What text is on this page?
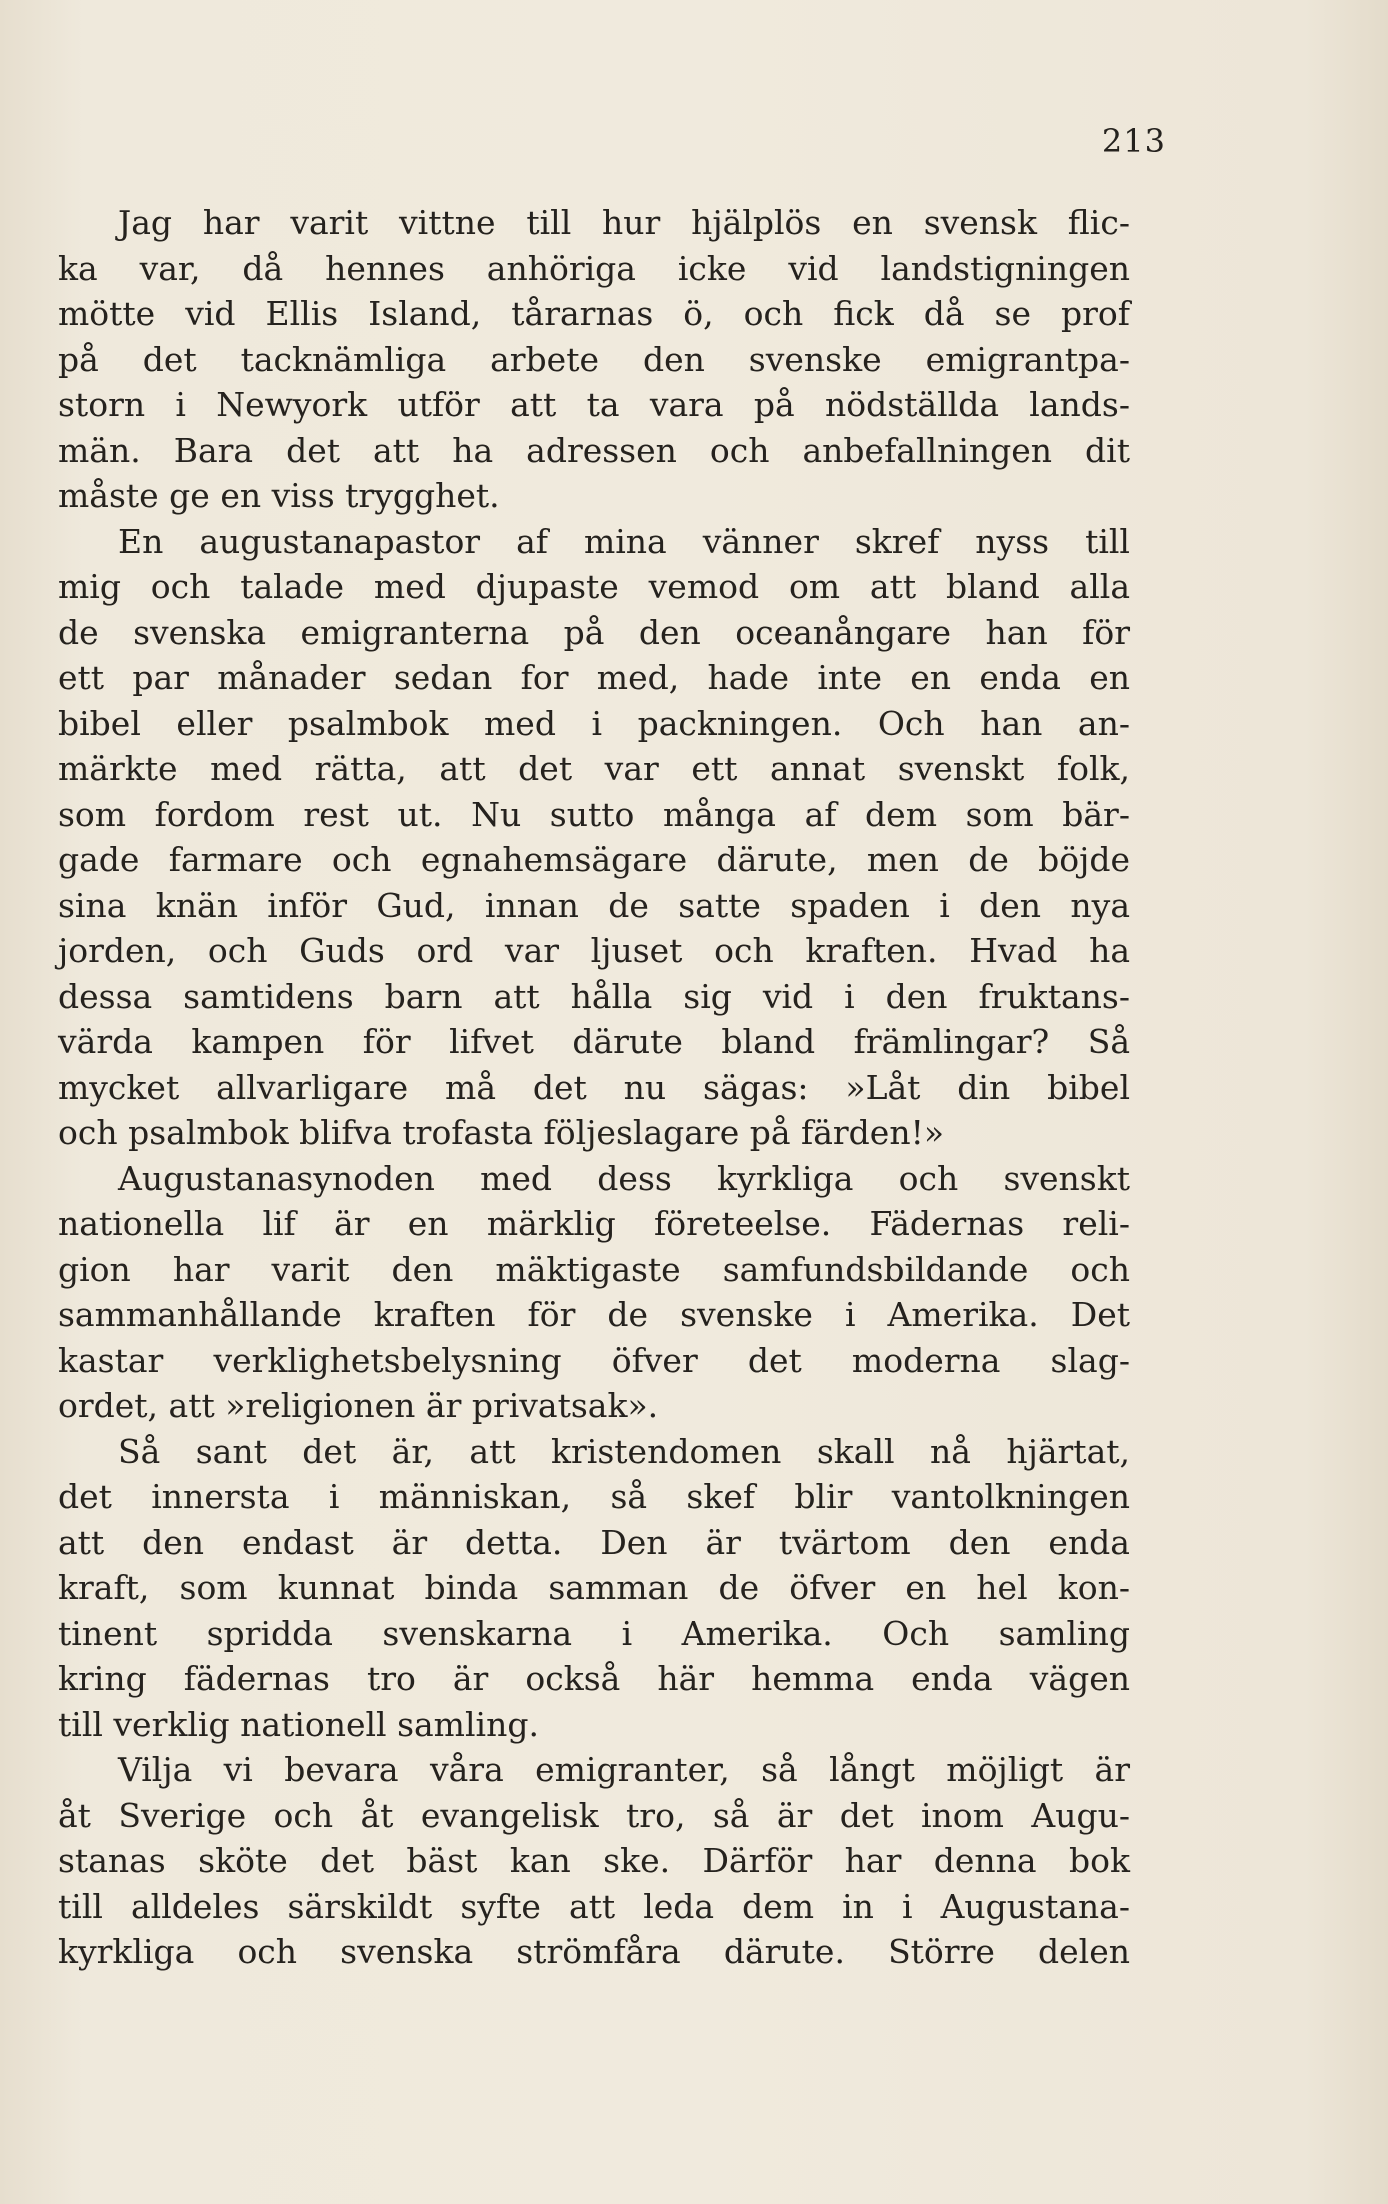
213
Jag har varit vittne till hur hjälplös en svensk flic-
ka var, då hennes anhöriga icke vid landstigningen
mötte vid Ellis Island, tårarnas ö, och fick då se prof
på det tacknämliga arbete den svenske emigrantpa-
storn i Newyork utför att ta vara på nödställda lands-
män. Bara det att ha adressen och anbefallningen dit
måste ge en viss trygghet.
En augustanapastor af mina vänner skref nyss till
mig och talade med djupaste vemod om att bland alla
de svenska emigranterna på den oceanångare han för
ett par månader sedan for med, hade inte en enda en
bibel eller psalmbok med i packningen. Och han an-
märkte med rätta, att det var ett annat svenskt folk,
som fordom rest ut. Nu sutto många af dem som bär-
gade farmare och egnahemsägare därute, men de böjde
sina knän inför Gud, innan de satte spaden i den nya
jorden, och Guds ord var ljuset och kraften. Hvad ha
dessa samtidens barn att hålla sig vid i den fruktans-
värda kampen för lifvet därute bland främlingar? Så
mycket allvarligare må det nu sägas: »Låt din bibel
och psalmbok blifva trofasta följeslagare på färden!»
Augustanasynoden med dess kyrkliga och svenskt
nationella lif är en märklig företeelse. Fädernas reli-
gion har varit den mäktigaste samfundsbildande och
sammanhållande kraften för de svenske i Amerika. Det
kastar verklighetsbelysning öfver det moderna slag-
ordet, att »religionen är privatsak».
Så sant det är, att kristendomen skall nå hjärtat,
det innersta i människan, så skef blir vantolkningen
att den endast är detta. Den är tvärtom den enda
kraft, som kunnat binda samman de öfver en hel kon-
tinent spridda svenskarna i Amerika. Och samling
kring fädernas tro är också här hemma enda vägen
till verklig nationell samling.
Vilja vi bevara våra emigranter, så långt möjligt är
åt Sverige och åt evangelisk tro, så är det inom Augu-
stanas sköte det bäst kan ske. Därför har denna bok
till alldeles särskildt syfte att leda dem in i Augustana-
kyrkliga och svenska strömfåra därute. Större delen
